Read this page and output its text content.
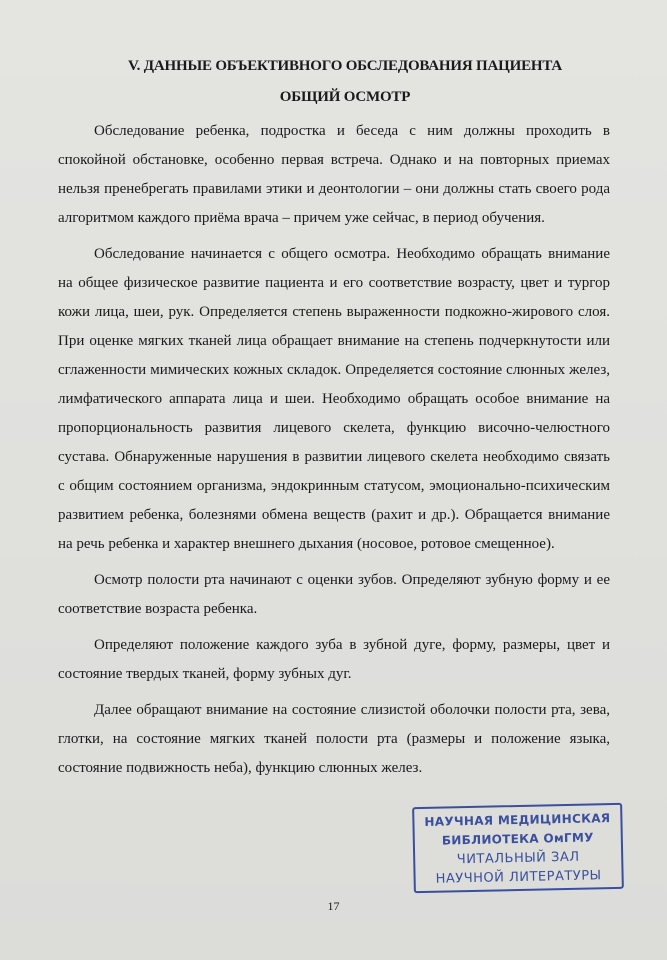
V. ДАННЫЕ ОБЪЕКТИВНОГО ОБСЛЕДОВАНИЯ ПАЦИЕНТА
ОБЩИЙ ОСМОТР

Обследование ребенка, подростка и беседа с ним должны проходить в спокойной обстановке, особенно первая встреча. Однако и на повторных приемах нельзя пренебрегать правилами этики и деонтологии – они должны стать своего рода алгоритмом каждого приёма врача – причем уже сейчас, в период обучения.

Обследование начинается с общего осмотра. Необходимо обращать внимание на общее физическое развитие пациента и его соответствие возрасту, цвет и тургор кожи лица, шеи, рук. Определяется степень выраженности подкожно-жирового слоя. При оценке мягких тканей лица обращает внимание на степень подчеркнутости или сглаженности мимических кожных складок. Определяется состояние слюнных желез, лимфатического аппарата лица и шеи. Необходимо обращать особое внимание на пропорциональность развития лицевого скелета, функцию височно-челюстного сустава. Обнаруженные нарушения в развитии лицевого скелета необходимо связать с общим состоянием организма, эндокринным статусом, эмоционально-психическим развитием ребенка, болезнями обмена веществ (рахит и др.). Обращается внимание на речь ребенка и характер внешнего дыхания (носовое, ротовое смещенное).

Осмотр полости рта начинают с оценки зубов. Определяют зубную форму и ее соответствие возраста ребенка.

Определяют положение каждого зуба в зубной дуге, форму, размеры, цвет и состояние твердых тканей, форму зубных дуг.

Далее обращают внимание на состояние слизистой оболочки полости рта, зева, глотки, на состояние мягких тканей полости рта (размеры и положение языка, состояние подвижность неба), функцию слюнных желез.

НАУЧНАЯ МЕДИЦИНСКАЯ
БИБЛИОТЕКА ОмГМУ
ЧИТАЛЬНЫЙ ЗАЛ
НАУЧНОЙ ЛИТЕРАТУРЫ
17
